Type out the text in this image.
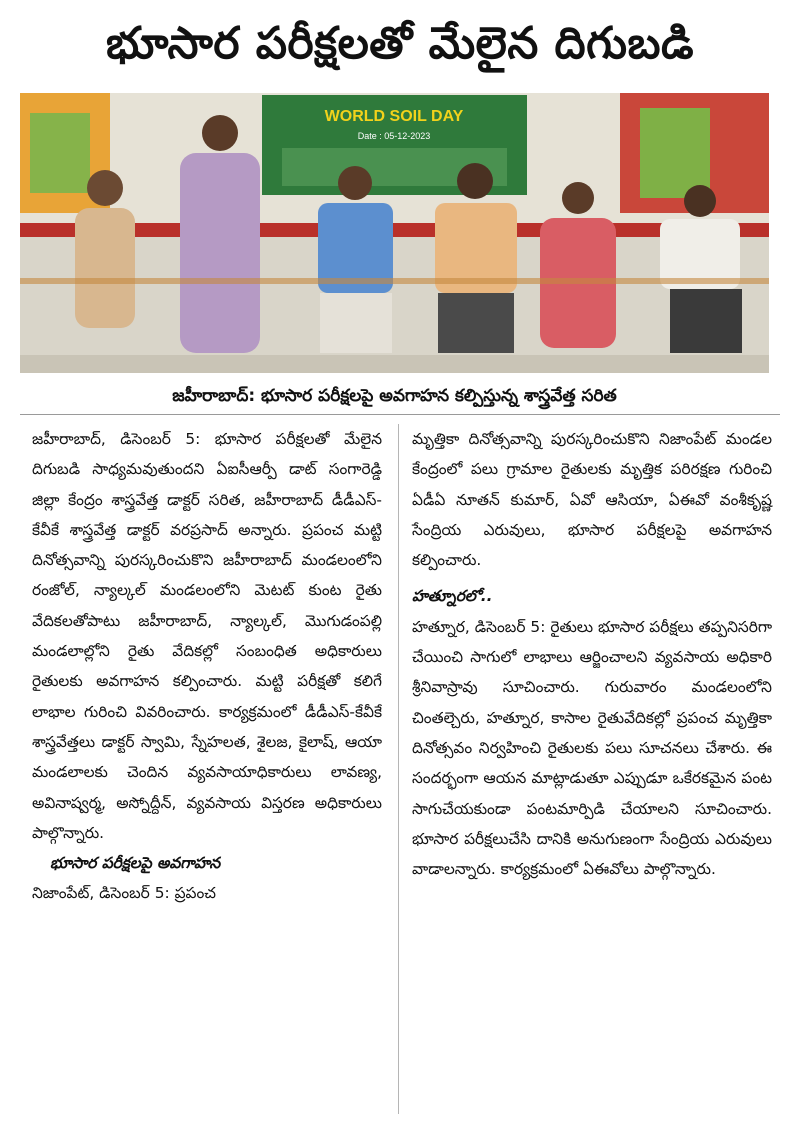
భూసార పరీక్షలతో మేలైన దిగుబడి
WORLD SOIL DAY
Date : 05-12-2023
జహీరాబాద్: భూసార పరీక్షలపై అవగాహన కల్పిస్తున్న శాస్త్రవేత్త సరిత

జహీరాబాద్, డిసెంబర్ 5: భూసార పరీక్షలతో మేలైన దిగుబడి సాధ్యమవుతుందని ఏఐసీఆర్పీ డాట్ సంగారెడ్డి జిల్లా కేంద్రం శాస్త్రవేత్త డాక్టర్ సరిత, జహీరాబాద్ డీడీఎస్-కేవీకే శాస్త్రవేత్త డాక్టర్ వరప్రసాద్ అన్నారు. ప్రపంచ మట్టి దినోత్సవాన్ని పురస్కరించుకొని జహీరాబాద్ మండలంలోని రంజోల్, న్యాల్కల్ మండలంలోని మెటట్ కుంట రైతు వేదికలతోపాటు జహీరాబాద్, న్యాల్కల్, మొగుడంపల్లి మండలాల్లోని రైతు వేదికల్లో సంబంధిత అధికారులు రైతులకు అవగాహన కల్పించారు. మట్టి పరీక్షతో కలిగే లాభాల గురించి వివరించారు. కార్యక్రమంలో డీడీఎస్-కేవీకే శాస్త్రవేత్తలు డాక్టర్ స్వామి, స్నేహలత, శైలజ, కైలాష్, ఆయా మండలాలకు చెందిన వ్యవసాయాధికారులు లావణ్య, అవినాష్వర్మ, అస్నోద్దీన్, వ్యవసాయ విస్తరణ అధికారులు పాల్గొన్నారు.

భూసార పరీక్షలపై అవగాహన

నిజాంపేట్, డిసెంబర్ 5: ప్రపంచ

మృత్తికా దినోత్సవాన్ని పురస్కరించుకొని నిజాంపేట్ మండల కేంద్రంలో పలు గ్రామాల రైతులకు మృత్తిక పరిరక్షణ గురించి ఏడీఏ నూతన్ కుమార్, ఏవో ఆసియా, ఏఈవో వంశీకృష్ణ సేంద్రియ ఎరువులు, భూసార పరీక్షలపై అవగాహన కల్పించారు.

హత్నూరలో..

హత్నూర, డిసెంబర్ 5: రైతులు భూసార పరీక్షలు తప్పనిసరిగా చేయించి సాగులో లాభాలు ఆర్జించాలని వ్యవసాయ అధికారి శ్రీనివాస్రావు సూచించారు. గురువారం మండలంలోని చింతల్చెరు, హత్నూర, కాసాల రైతువేదికల్లో ప్రపంచ మృత్తికా దినోత్సవం నిర్వహించి రైతులకు పలు సూచనలు చేశారు. ఈ సందర్భంగా ఆయన మాట్లాడుతూ ఎప్పుడూ ఒకేరకమైన పంట సాగుచేయకుండా పంటమార్పిడి చేయాలని సూచించారు. భూసార పరీక్షలుచేసి దానికి అనుగుణంగా సేంద్రియ ఎరువులు వాడాలన్నారు. కార్యక్రమంలో ఏఈవోలు పాల్గొన్నారు.
